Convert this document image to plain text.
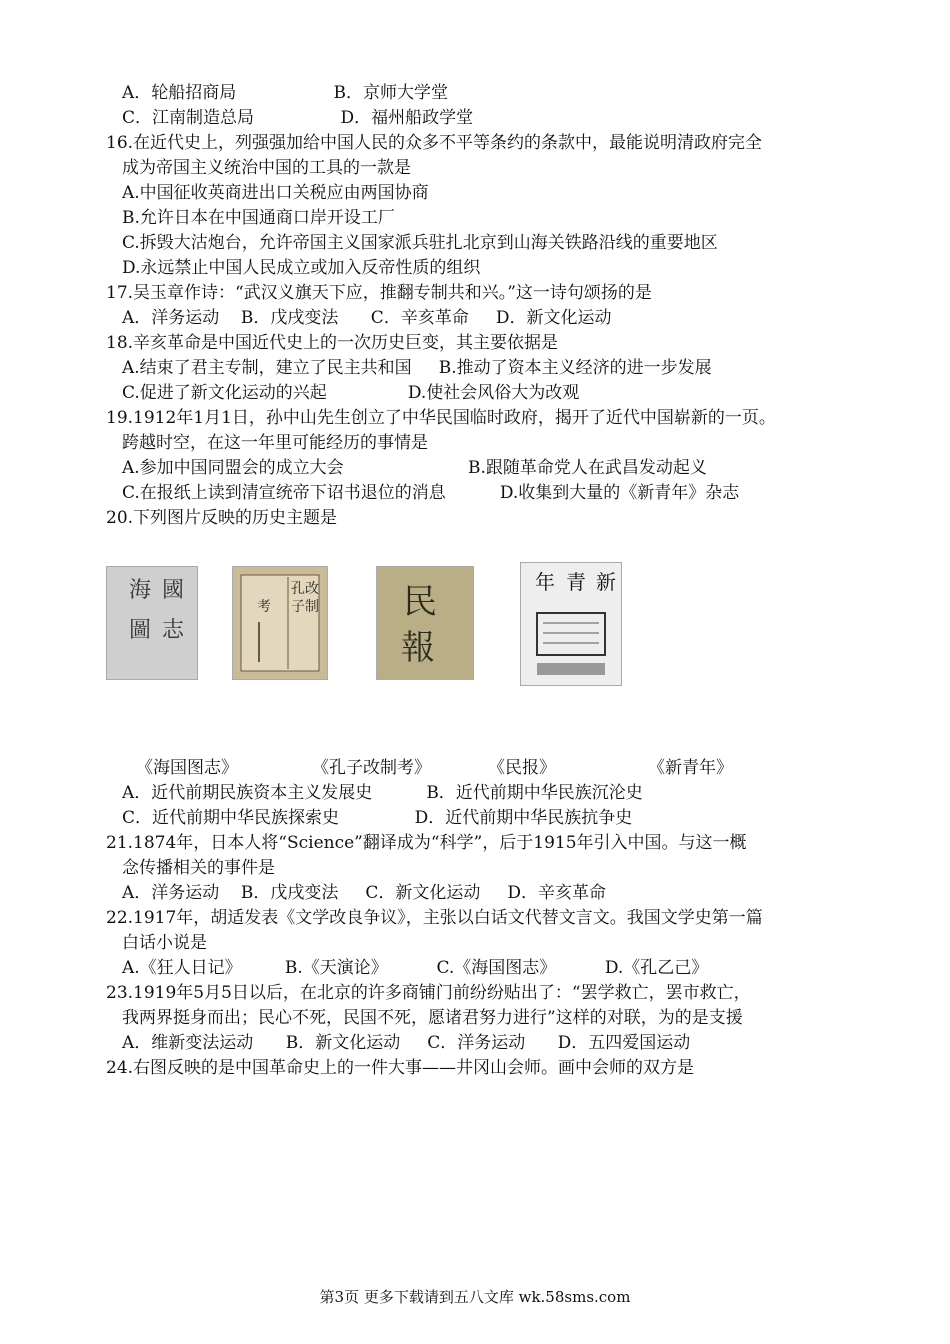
A．轮船招商局                  B．京师大学堂
C．江南制造总局                D．福州船政学堂
16.在近代史上，列强强加给中国人民的众多不平等条约的条款中，最能说明清政府完全
成为帝国主义统治中国的工具的一款是
A.中国征收英商进出口关税应由两国协商
B.允许日本在中国通商口岸开设工厂
C.拆毁大沽炮台，允许帝国主义国家派兵驻扎北京到山海关铁路沿线的重要地区
D.永远禁止中国人民成立或加入反帝性质的组织
17.吴玉章作诗：“武汉义旗天下应，推翻专制共和兴。”这一诗句颂扬的是
A．洋务运动    B．戊戌变法      C．辛亥革命     D．新文化运动
18.辛亥革命是中国近代史上的一次历史巨变，其主要依据是
A.结束了君主专制，建立了民主共和国     B.推动了资本主义经济的进一步发展
C.促进了新文化运动的兴起               D.使社会风俗大为改观
19.1912年1月1日，孙中山先生创立了中华民国临时政府，揭开了近代中国崭新的一页。
跨越时空，在这一年里可能经历的事情是
A.参加中国同盟会的成立大会                       B.跟随革命党人在武昌发动起义
C.在报纸上读到清宣统帝下诏书退位的消息          D.收集到大量的《新青年》杂志
20.下列图片反映的历史主题是
A．近代前期民族资本主义发展史          B．近代前期中华民族沉沦史
C．近代前期中华民族探索史              D．近代前期中华民族抗争史
21.1874年，日本人将“Science”翻译成为“科学”，后于1915年引入中国。与这一概
念传播相关的事件是
A．洋务运动    B．戊戌变法     C．新文化运动     D．辛亥革命
22.1917年，胡适发表《文学改良争议》，主张以白话文代替文言文。我国文学史第一篇
白话小说是
A.《狂人日记》        B.《天演论》         C.《海国图志》         D.《孔乙己》
23.1919年5月5日以后，在北京的许多商铺门前纷纷贴出了：“罢学救亡，罢市救亡，
我两界挺身而出；民心不死，民国不死，愿诸君努力进行”这样的对联，为的是支援
A．维新变法运动      B．新文化运动     C．洋务运动      D．五四爱国运动
24.右图反映的是中国革命史上的一件大事——井冈山会师。画中会师的双方是
海 國
圖 志
孔
子
改
制
考	民
報
新
青
年
《海国图志》	《孔子改制考》	《民报》	《新青年》
第3页 更多下载请到五八文库 wk.58sms.com
